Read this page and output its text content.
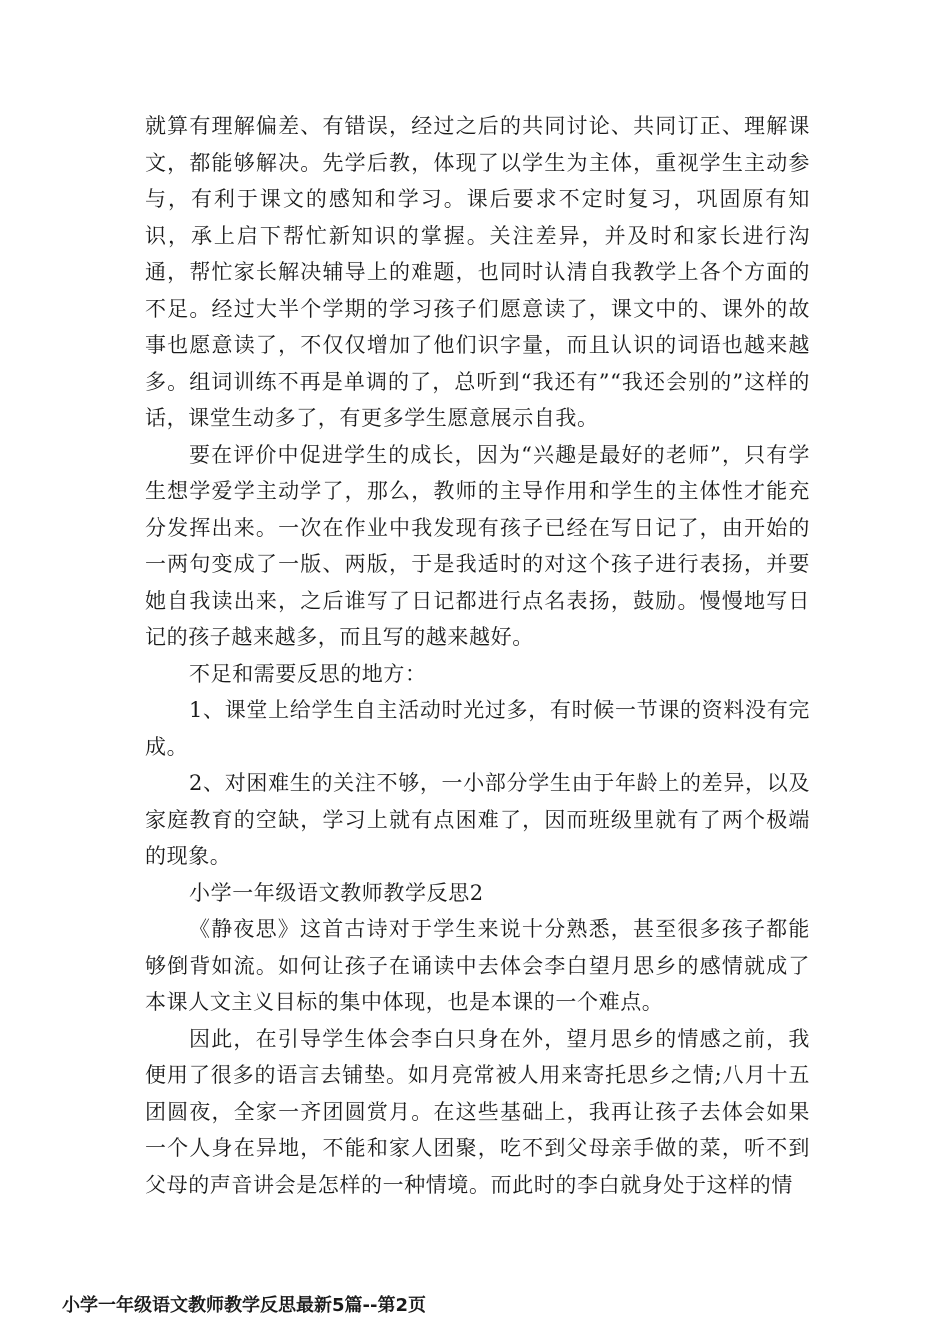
就算有理解偏差、有错误，经过之后的共同讨论、共同订正、理解课文，都能够解决。先学后教，体现了以学生为主体，重视学生主动参与，有利于课文的感知和学习。课后要求不定时复习，巩固原有知识，承上启下帮忙新知识的掌握。关注差异，并及时和家长进行沟通，帮忙家长解决辅导上的难题，也同时认清自我教学上各个方面的不足。经过大半个学期的学习孩子们愿意读了，课文中的、课外的故事也愿意读了，不仅仅增加了他们识字量，而且认识的词语也越来越多。组词训练不再是单调的了，总听到“我还有”“我还会别的”这样的话，课堂生动多了，有更多学生愿意展示自我。

要在评价中促进学生的成长，因为“兴趣是最好的老师”，只有学生想学爱学主动学了，那么，教师的主导作用和学生的主体性才能充分发挥出来。一次在作业中我发现有孩子已经在写日记了，由开始的一两句变成了一版、两版，于是我适时的对这个孩子进行表扬，并要她自我读出来，之后谁写了日记都进行点名表扬，鼓励。慢慢地写日记的孩子越来越多，而且写的越来越好。

不足和需要反思的地方：

1、课堂上给学生自主活动时光过多，有时候一节课的资料没有完成。

2、对困难生的关注不够，一小部分学生由于年龄上的差异，以及家庭教育的空缺，学习上就有点困难了，因而班级里就有了两个极端的现象。

小学一年级语文教师教学反思2

《静夜思》这首古诗对于学生来说十分熟悉，甚至很多孩子都能够倒背如流。如何让孩子在诵读中去体会李白望月思乡的感情就成了本课人文主义目标的集中体现，也是本课的一个难点。

因此，在引导学生体会李白只身在外，望月思乡的情感之前，我便用了很多的语言去铺垫。如月亮常被人用来寄托思乡之情;八月十五团圆夜，全家一齐团圆赏月。在这些基础上，我再让孩子去体会如果一个人身在异地，不能和家人团聚，吃不到父母亲手做的菜，听不到父母的声音讲会是怎样的一种情境。而此时的李白就身处于这样的情

小学一年级语文教师教学反思最新5篇--第2页
